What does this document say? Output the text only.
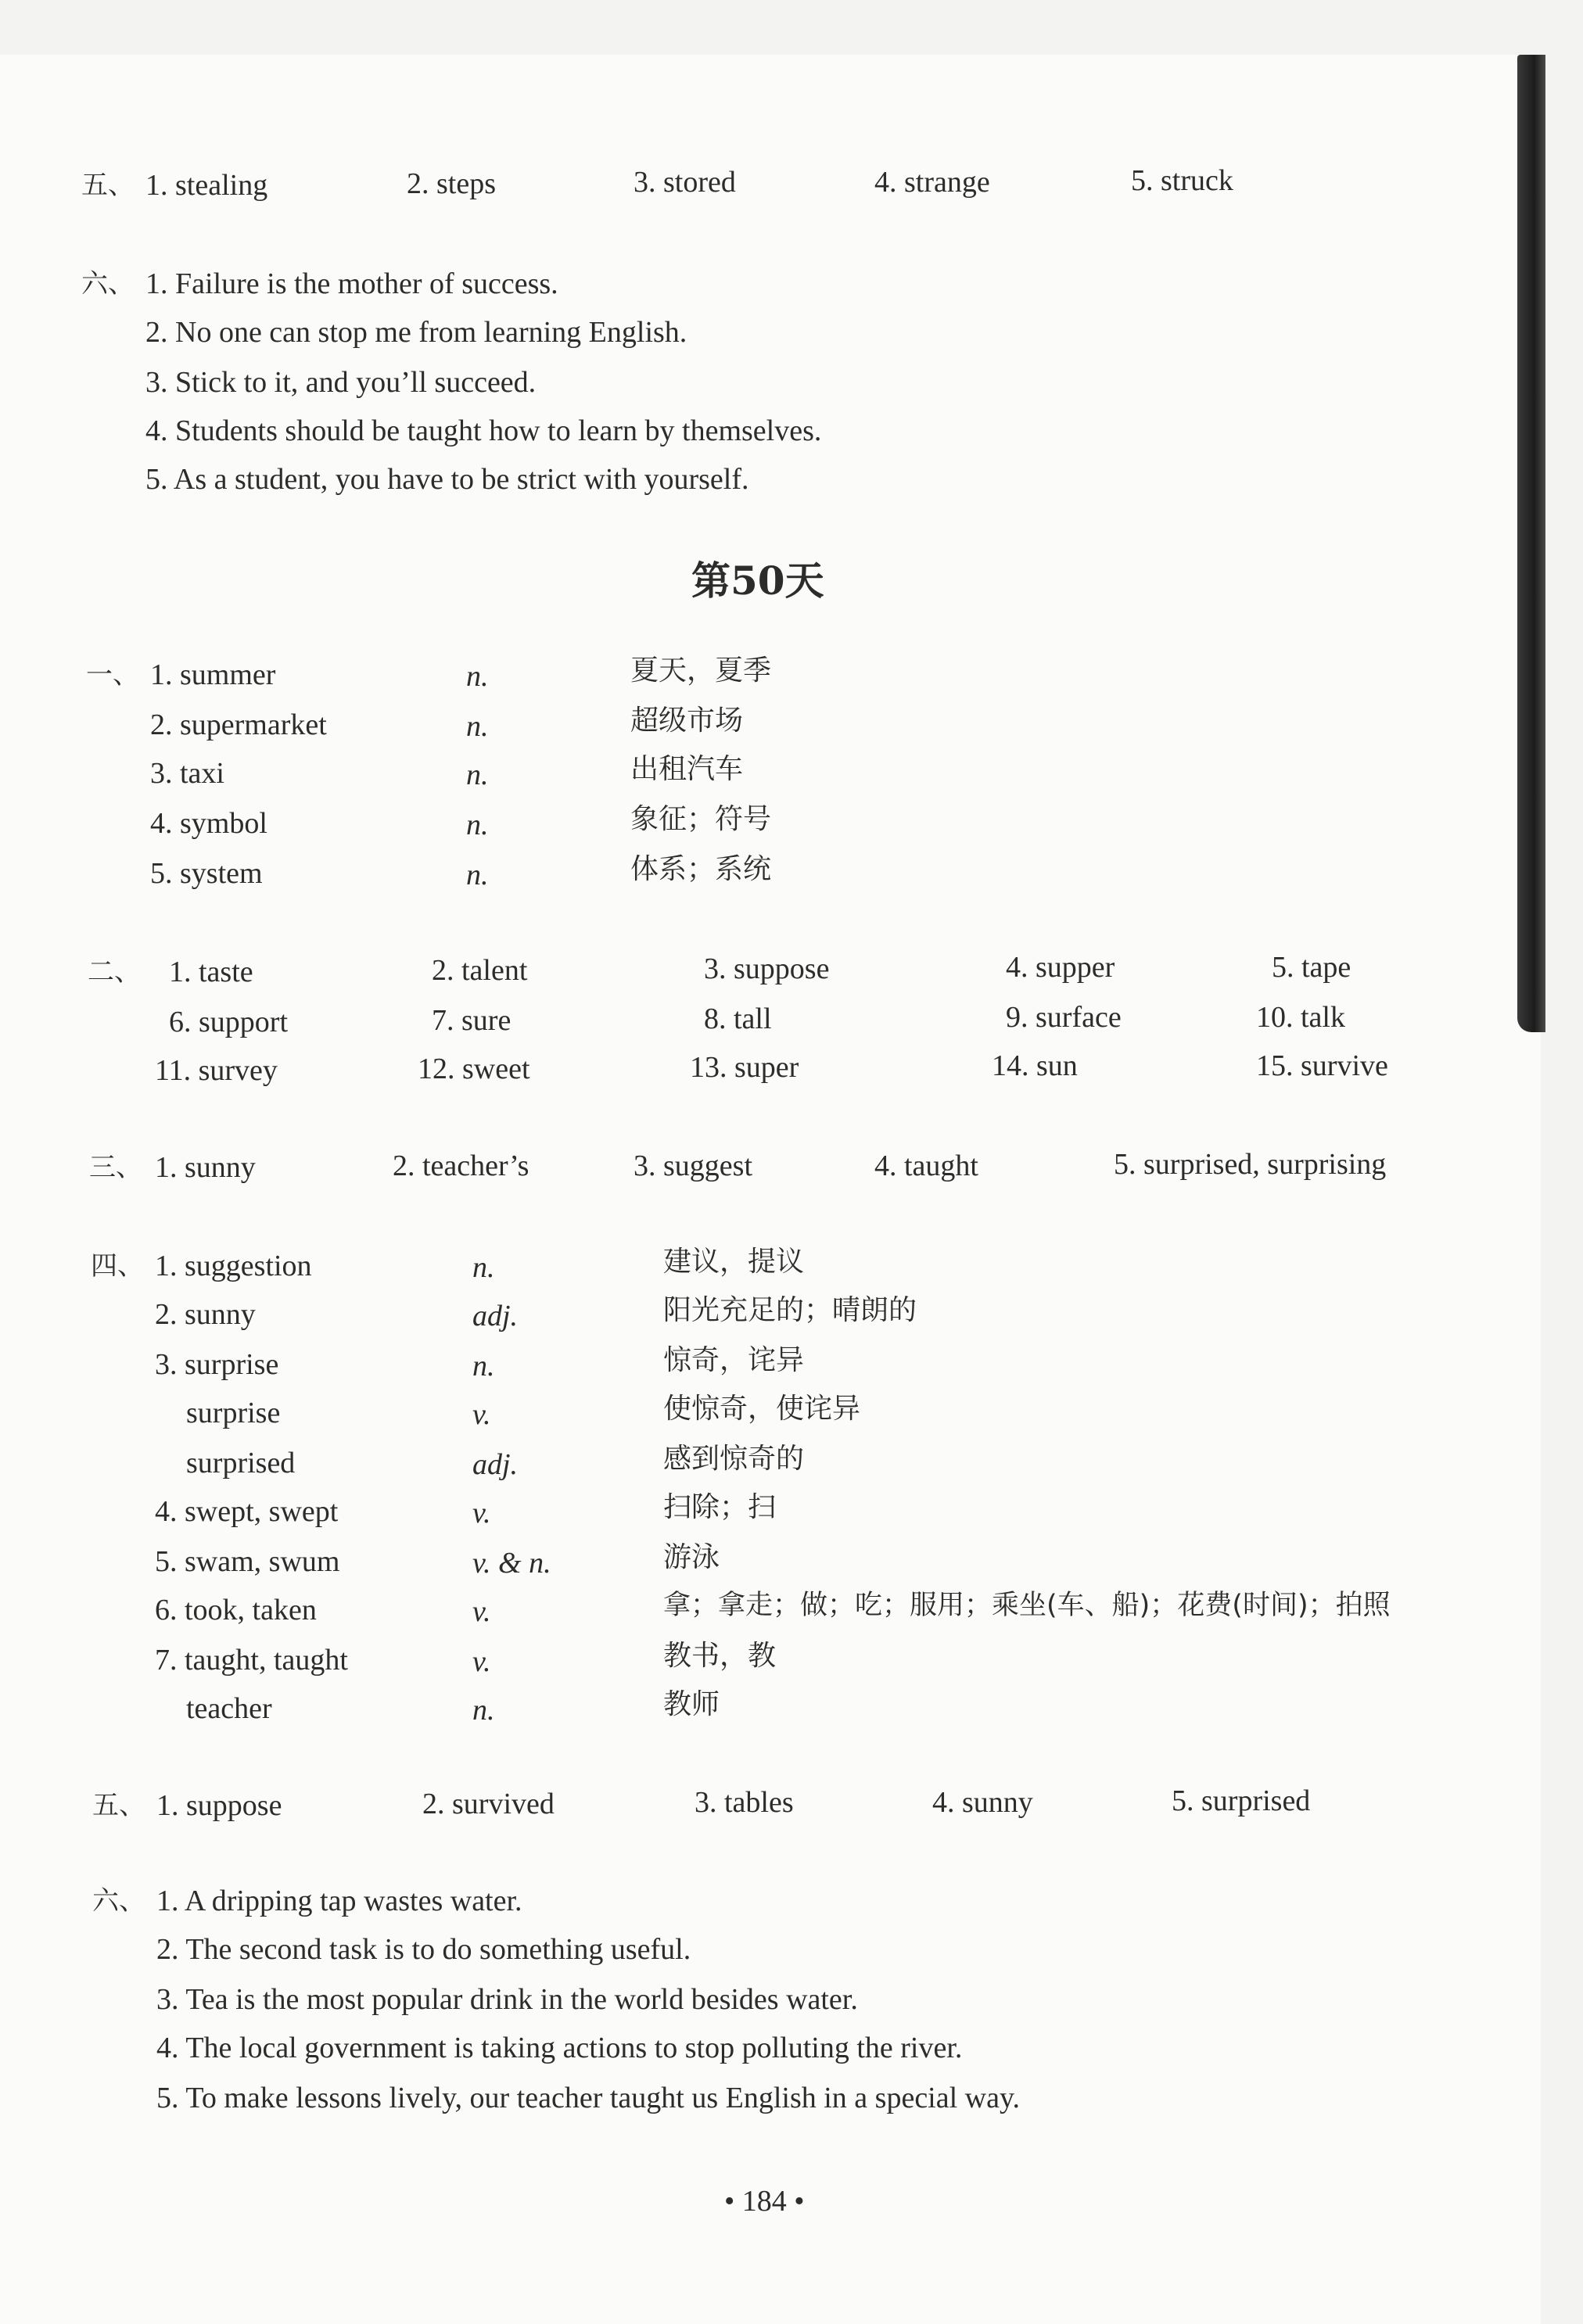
五、 1. stealing	2. steps	3. stored	4. strange	5. struck
六、 1. Failure is the mother of success.
2. No one can stop me from learning English.
3. Stick to it, and you’ll succeed.
4. Students should be taught how to learn by themselves.
5. As a student, you have to be strict with yourself.
第50天
一、 1. summer	n.	夏天，夏季
2. supermarket	n.	超级市场
3. taxi	n.	出租汽车
4. symbol	n.	象征；符号
5. system	n.	体系；系统
二、 1. taste	2. talent	3. suppose	4. supper	5. tape
6. support	7. sure	8. tall	9. surface	10. talk
11. survey	12. sweet	13. super	14. sun	15. survive
三、 1. sunny	2. teacher’s	3. suggest	4. taught	5. surprised, surprising
四、 1. suggestion	n.	建议，提议
2. sunny	adj.	阳光充足的；晴朗的
3. surprise	n.	惊奇，诧异
surprise	v.	使惊奇，使诧异
surprised	adj.	感到惊奇的
4. swept, swept	v.	扫除；扫
5. swam, swum	v. & n.	游泳
6. took, taken	v.	拿；拿走；做；吃；服用；乘坐(车、船)；花费(时间)；拍照
7. taught, taught	v.	教书，教
teacher	n.	教师
五、 1. suppose	2. survived	3. tables	4. sunny	5. surprised
六、 1. A dripping tap wastes water.
2. The second task is to do something useful.
3. Tea is the most popular drink in the world besides water.
4. The local government is taking actions to stop polluting the river.
5. To make lessons lively, our teacher taught us English in a special way.
• 184 •
